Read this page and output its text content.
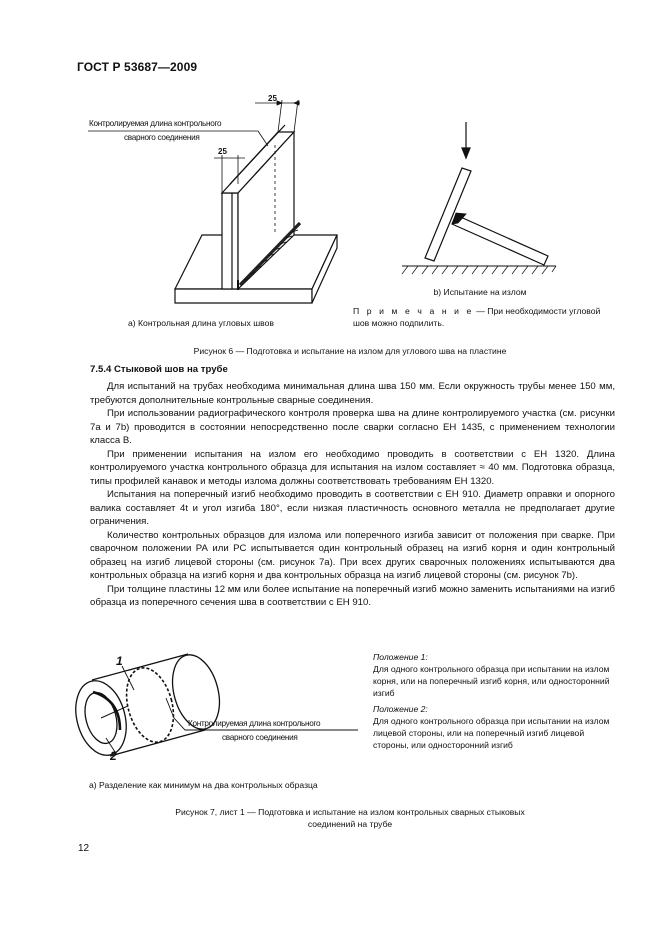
ГОСТ Р 53687—2009
25
25
Контролируемая длина контрольного
сварного соединения
b) Испытание на излом
П р и м е ч а н и е — При необходимости угловой шов можно подпилить.
а) Контрольная длина угловых швов
Рисунок 6 — Подготовка и испытание на излом для углового шва на пластине
7.5.4 Стыковой шов на трубе

Для испытаний на трубах необходима минимальная длина шва 150 мм. Если окружность трубы менее 150 мм, требуются дополнительные контрольные сварные соединения.

При использовании радиографического контроля проверка шва на длине контролируемого участка (см. рисунки 7а и 7b) проводится в состоянии непосредственно после сварки согласно ЕН 1435, с применением технологии класса В.

При применении испытания на излом его необходимо проводить в соответствии с ЕН 1320. Длина контролируемого участка контрольного образца для испытания на излом составляет ≈ 40 мм. Подготовка образца, типы профилей канавок и методы излома должны соответствовать требованиям ЕН 1320.

Испытания на поперечный изгиб необходимо проводить в соответствии с ЕН 910. Диаметр оправки и опорного валика составляет 4t и угол изгиба 180°, если низкая пластичность основного металла не предполагает другие ограничения.

Количество контрольных образцов для излома или поперечного изгиба зависит от положения при сварке. При сварочном положении РА или РС испытывается один контрольный образец на изгиб корня и один контрольный образец на изгиб лицевой стороны (см. рисунок 7а). При всех других сварочных положениях испытываются два контрольных образца на изгиб корня и два контрольных образца на изгиб лицевой стороны (см. рисунок 7b).

При толщине пластины 12 мм или более испытание на поперечный изгиб можно заменить испытаниями на изгиб образца из поперечного сечения шва в соответствии с ЕН 910.

1
2
Контролируемая длина контрольного
сварного соединения
Положение 1:
Для одного контрольного образца при испытании на излом корня, или на поперечный изгиб корня, или односторонний изгиб
Положение 2:
Для одного контрольного образца при испытании на излом лицевой стороны, или на поперечный изгиб лицевой стороны, или односторонний изгиб
а) Разделение как минимум на два контрольных образца
Рисунок 7, лист 1 — Подготовка и испытание на излом контрольных сварных стыковых
соединений на трубе
12
